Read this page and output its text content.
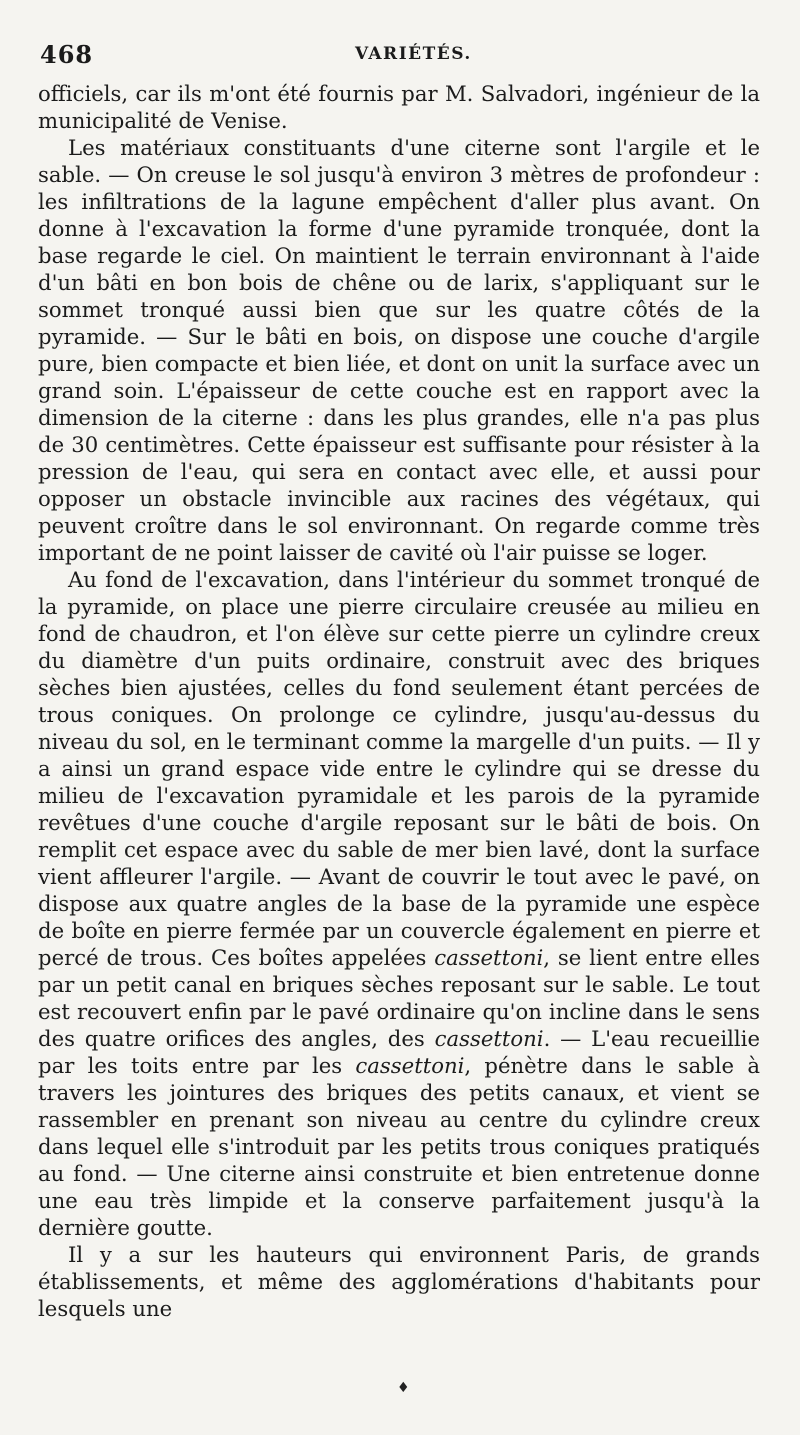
468	VARIÉTÉS.

officiels, car ils m'ont été fournis par M. Salvadori, ingénieur de la municipalité de Venise.

Les matériaux constituants d'une citerne sont l'argile et le sable. — On creuse le sol jusqu'à environ 3 mètres de profondeur : les infiltrations de la lagune empêchent d'aller plus avant. On donne à l'excavation la forme d'une pyramide tronquée, dont la base regarde le ciel. On maintient le terrain environnant à l'aide d'un bâti en bon bois de chêne ou de larix, s'appliquant sur le sommet tronqué aussi bien que sur les quatre côtés de la pyramide. — Sur le bâti en bois, on dispose une couche d'argile pure, bien compacte et bien liée, et dont on unit la surface avec un grand soin. L'épaisseur de cette couche est en rapport avec la dimension de la citerne : dans les plus grandes, elle n'a pas plus de 30 centimètres. Cette épaisseur est suffisante pour résister à la pression de l'eau, qui sera en contact avec elle, et aussi pour opposer un obstacle invincible aux racines des végétaux, qui peuvent croître dans le sol environnant. On regarde comme très important de ne point laisser de cavité où l'air puisse se loger.

Au fond de l'excavation, dans l'intérieur du sommet tronqué de la pyramide, on place une pierre circulaire creusée au milieu en fond de chaudron, et l'on élève sur cette pierre un cylindre creux du diamètre d'un puits ordinaire, construit avec des briques sèches bien ajustées, celles du fond seulement étant percées de trous coniques. On prolonge ce cylindre, jusqu'au-dessus du niveau du sol, en le terminant comme la margelle d'un puits. — Il y a ainsi un grand espace vide entre le cylindre qui se dresse du milieu de l'excavation pyramidale et les parois de la pyramide revêtues d'une couche d'argile reposant sur le bâti de bois. On remplit cet espace avec du sable de mer bien lavé, dont la surface vient affleurer l'argile. — Avant de couvrir le tout avec le pavé, on dispose aux quatre angles de la base de la pyramide une espèce de boîte en pierre fermée par un couvercle également en pierre et percé de trous. Ces boîtes appelées cassettoni, se lient entre elles par un petit canal en briques sèches reposant sur le sable. Le tout est recouvert enfin par le pavé ordinaire qu'on incline dans le sens des quatre orifices des angles, des cassettoni. — L'eau recueillie par les toits entre par les cassettoni, pénètre dans le sable à travers les jointures des briques des petits canaux, et vient se rassembler en prenant son niveau au centre du cylindre creux dans lequel elle s'introduit par les petits trous coniques pratiqués au fond. — Une citerne ainsi construite et bien entretenue donne une eau très limpide et la conserve parfaitement jusqu'à la dernière goutte.

Il y a sur les hauteurs qui environnent Paris, de grands établissements, et même des agglomérations d'habitants pour lesquels une

♦
